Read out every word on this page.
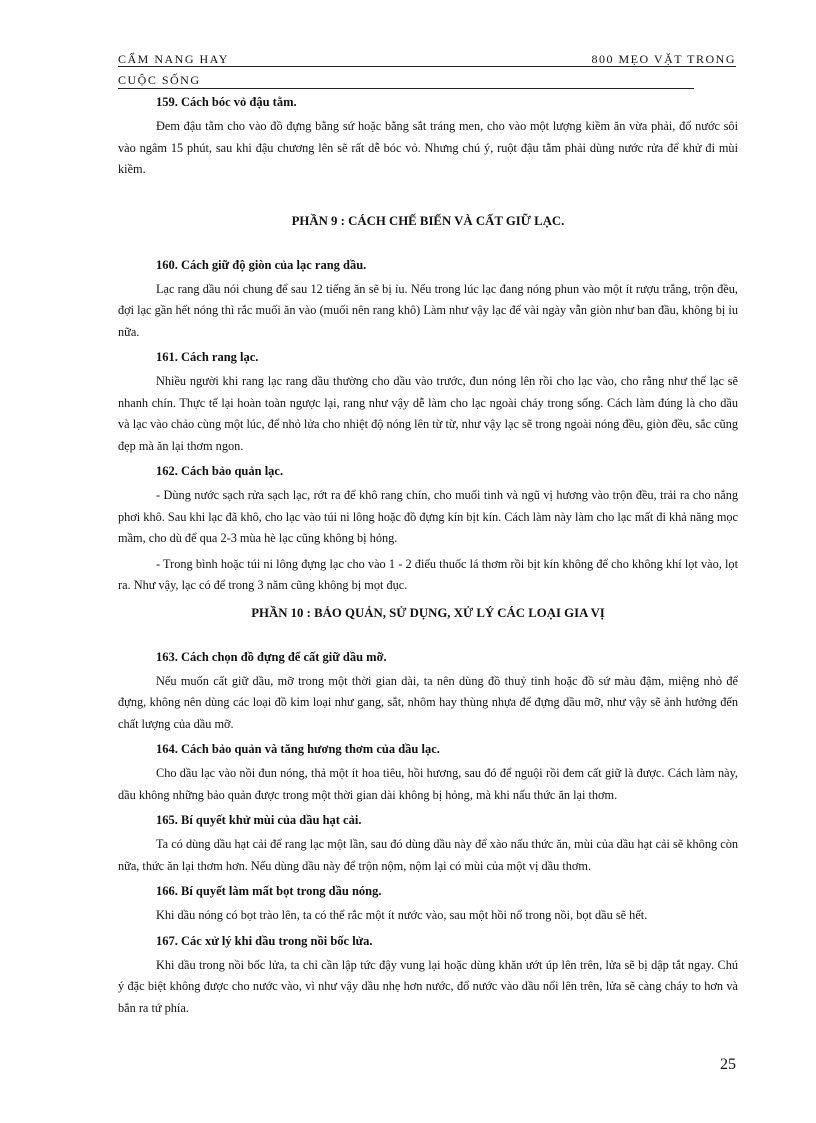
CẨM NANG HAY	800 MẸO VẶT TRONG
CUỘC SỐNG
159. Cách bóc vỏ đậu tằm.

Đem đậu tằm cho vào đồ đựng bằng sứ hoặc bằng sắt tráng men, cho vào một lượng kiềm ăn vừa phải, đổ nước sôi vào ngâm 15 phút, sau khi đậu chương lên sẽ rất dễ bóc vỏ. Nhưng chú ý, ruột đậu tằm phải dùng nước rửa để khử đi mùi kiềm.

PHẦN 9 : CÁCH CHẾ BIẾN VÀ CẤT GIỮ LẠC.
160. Cách giữ độ giòn của lạc rang dầu.

Lạc rang dầu nói chung để sau 12 tiếng ăn sẽ bị ỉu. Nếu trong lúc lạc đang nóng phun vào một ít rượu trắng, trộn đều, đợi lạc gần hết nóng thì rắc muối ăn vào (muối nên rang khô) Làm như vậy lạc để vài ngày vẫn giòn như ban đầu, không bị ỉu nữa.

161. Cách rang lạc.

Nhiều người khi rang lạc rang dầu thường cho dầu vào trước, đun nóng lên rồi cho lạc vào, cho rằng như thế lạc sẽ nhanh chín. Thực tế lại hoàn toàn ngược lại, rang như vậy dễ làm cho lạc ngoài cháy trong sống. Cách làm đúng là cho dầu và lạc vào chảo cùng một lúc, để nhỏ lửa cho nhiệt độ nóng lên từ từ, như vậy lạc sẽ trong ngoài nóng đều, giòn đều, sắc cũng đẹp mà ăn lại thơm ngon.

162. Cách bảo quản lạc.

- Dùng nước sạch rửa sạch lạc, rớt ra để khô rang chín, cho muối tinh và ngũ vị hương vào trộn đều, trải ra cho nắng phơi khô. Sau khi lạc đã khô, cho lạc vào túi ni lông hoặc đồ đựng kín bịt kín. Cách làm này làm cho lạc mất đi khả năng mọc mầm, cho dù để qua 2-3 mùa hè lạc cũng không bị hỏng.

- Trong bình hoặc túi ni lông đựng lạc cho vào 1 - 2 điếu thuốc lá thơm rồi bịt kín không để cho không khí lọt vào, lọt ra. Như vậy, lạc có để trong 3 năm cũng không bị mọt đục.

PHẦN 10 : BẢO QUẢN, SỬ DỤNG, XỬ LÝ CÁC LOẠI GIA VỊ
163. Cách chọn đồ đựng để cất giữ dầu mỡ.

Nếu muốn cất giữ dầu, mỡ trong một thời gian dài, ta nên dùng đồ thuỷ tinh hoặc đồ sứ màu đậm, miệng nhỏ để đựng, không nên dùng các loại đồ kim loại như gang, sắt, nhôm hay thùng nhựa để đựng dầu mỡ, như vậy sẽ ảnh hưởng đến chất lượng của dầu mỡ.

164. Cách bảo quản và tăng hương thơm của dầu lạc.

Cho dầu lạc vào nồi đun nóng, thả một ít hoa tiêu, hồi hương, sau đó để nguội rồi đem cất giữ là được. Cách làm này, dầu không những bảo quản được trong một thời gian dài không bị hỏng, mà khi nấu thức ăn lại thơm.

165. Bí quyết khử mùi của dầu hạt cải.

Ta có dùng dầu hạt cải để rang lạc một lần, sau đó dùng dầu này để xào nấu thức ăn, mùi của dầu hạt cải sẽ không còn nữa, thức ăn lại thơm hơn. Nếu dùng dầu này để trộn nộm, nộm lại có mùi của một vị dầu thơm.

166. Bí quyết làm mất bọt trong dầu nóng.

Khi dầu nóng có bọt trào lên, ta có thể rắc một ít nước vào, sau một hồi nổ trong nồi, bọt dầu sẽ hết.

167. Các xử lý khi dầu trong nồi bốc lửa.

Khi dầu trong nồi bốc lửa, ta chỉ cần lập tức đậy vung lại hoặc dùng khăn ướt úp lên trên, lửa sẽ bị dập tắt ngay. Chú ý đặc biệt không được cho nước vào, vì như vậy dầu nhẹ hơn nước, đổ nước vào dầu nổi lên trên, lửa sẽ càng cháy to hơn và bắn ra tứ phía.

25
